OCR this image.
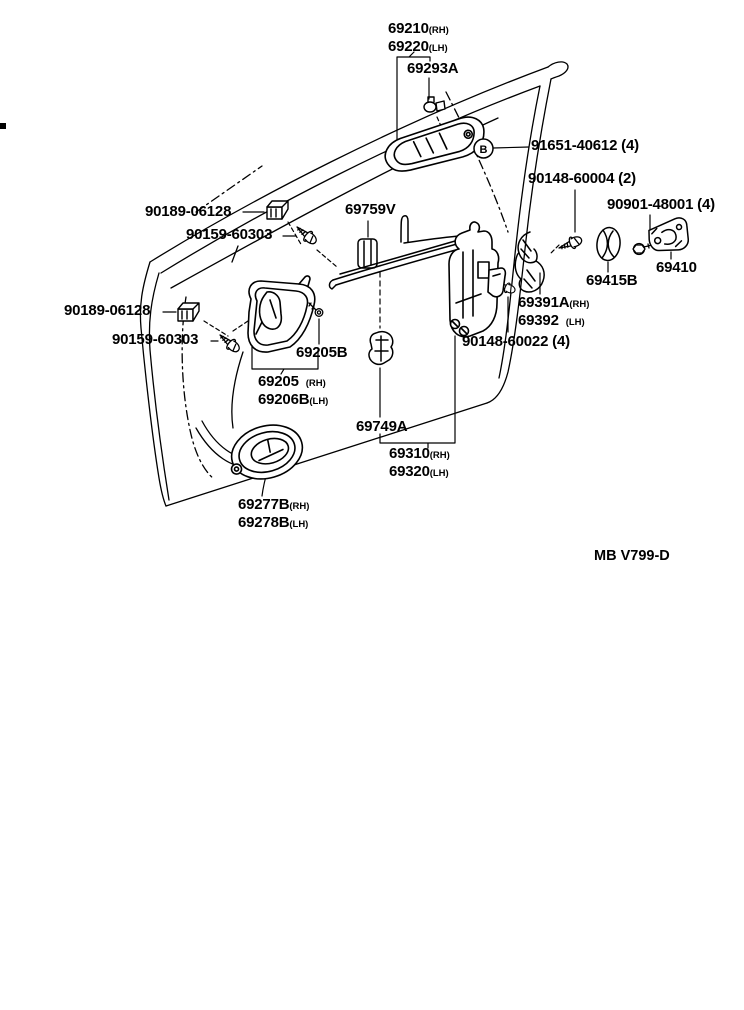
B
69210(RH)
69220(LH)
69293A
91651-40612 (4)
90148-60004 (2)
90901-48001 (4)
90189-06128
90159-60303
69759V
69415B
69410
90189-06128
90159-60303
69391A(RH)
69392 (LH)
90148-60022 (4)
69205B
69205 (RH)
69206B(LH)
69749A
69310(RH)
69320(LH)
69277B(RH)
69278B(LH)
MB V799-D
